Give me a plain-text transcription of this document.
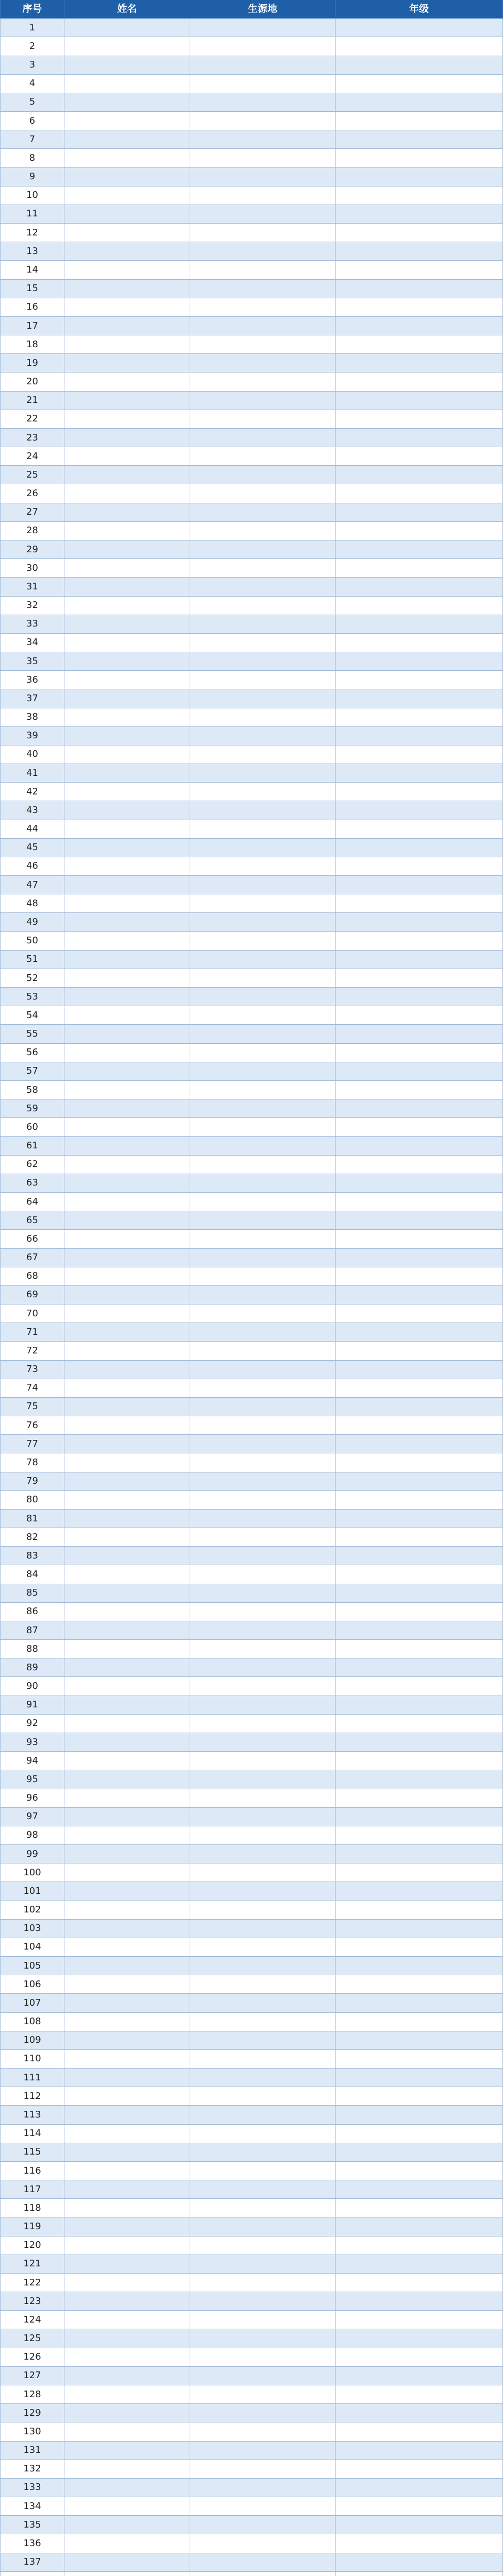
序号	姓名	生源地	年级
1
2
3
4
5
6
7
8
9
10
11
12
13
14
15
16
17
18
19
20
21
22
23
24
25
26
27
28
29
30
31
32
33
34
35
36
37
38
39
40
41
42
43
44
45
46
47
48
49
50
51
52
53
54
55
56
57
58
59
60
61
62
63
64
65
66
67
68
69
70
71
72
73
74
75
76
77
78
79
80
81
82
83
84
85
86
87
88
89
90
91
92
93
94
95
96
97
98
99
100
101
102
103
104
105
106
107
108
109
110
111
112
113
114
115
116
117
118
119
120
121
122
123
124
125
126
127
128
129
130
131
132
133
134
135
136
137
